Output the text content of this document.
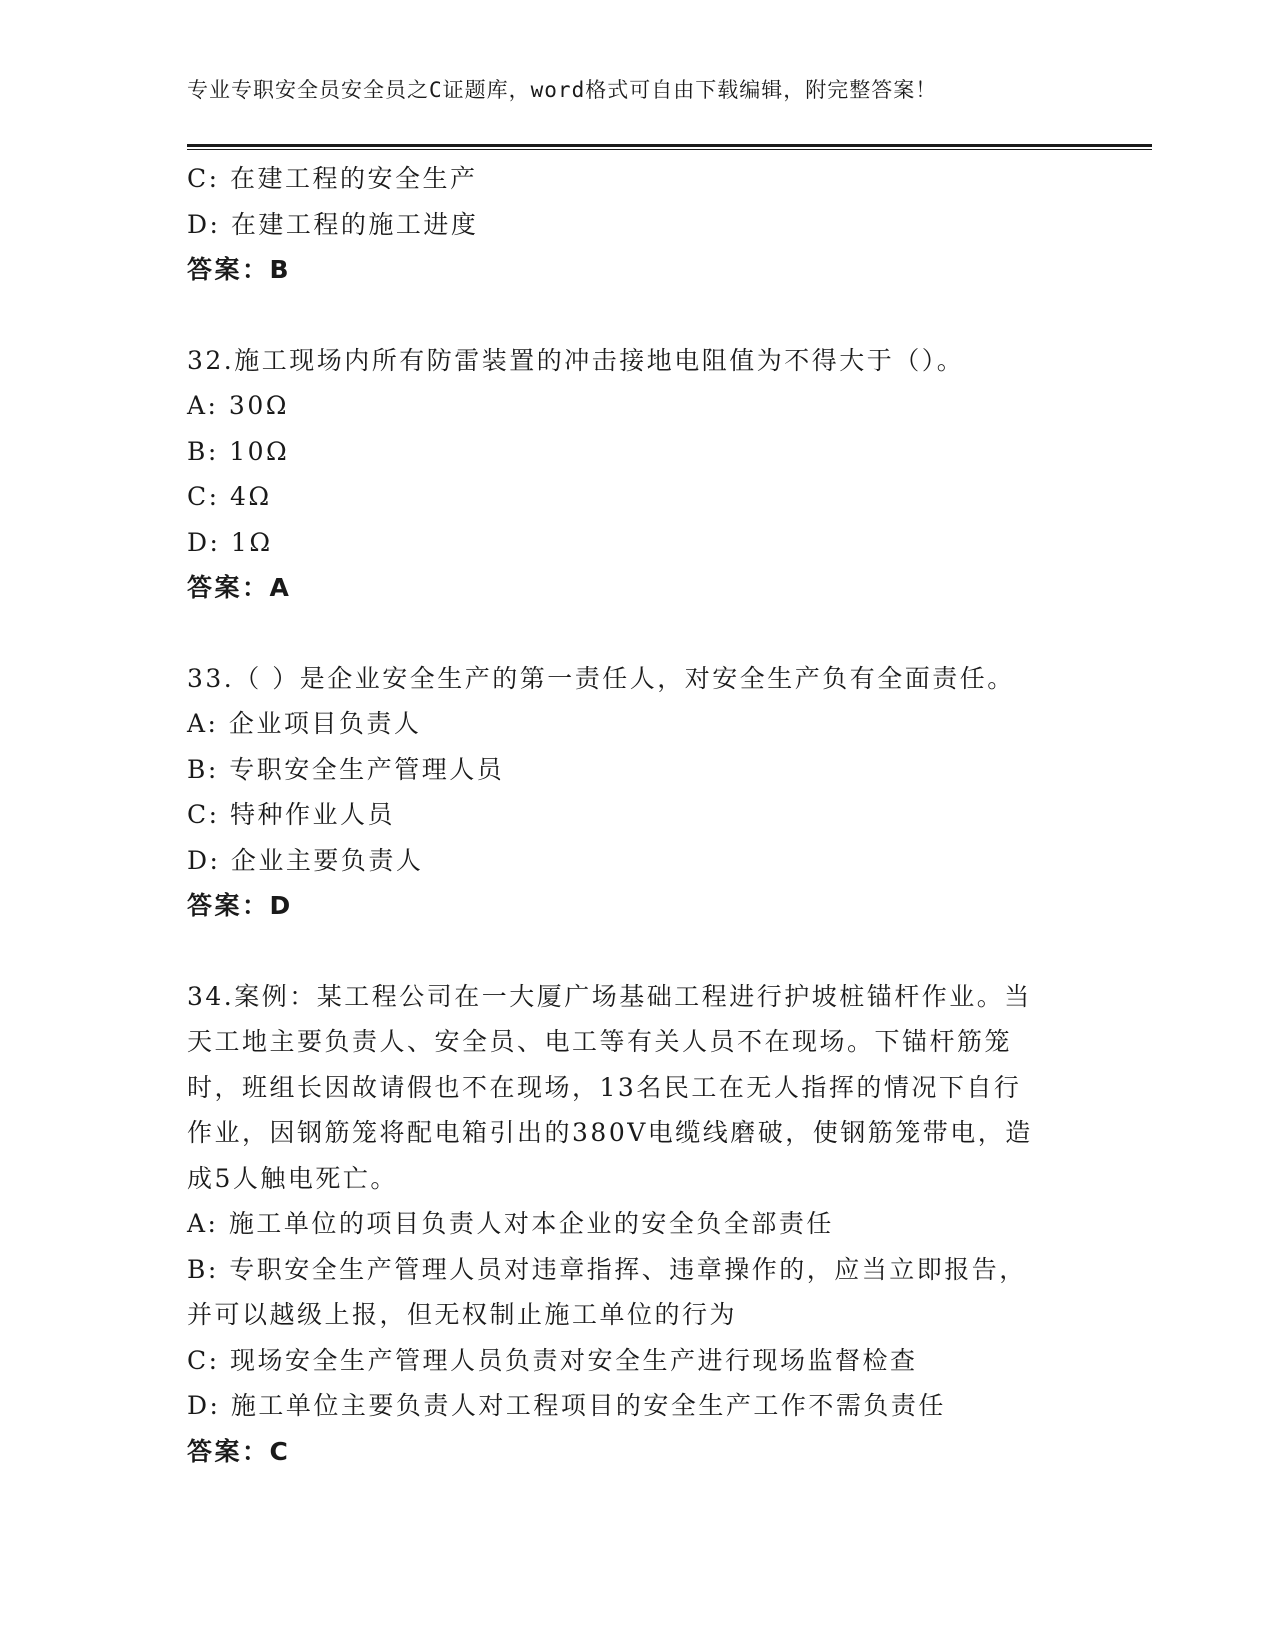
专业专职安全员安全员之C证题库，word格式可自由下载编辑，附完整答案！

C: 在建工程的安全生产

D: 在建工程的施工进度

答案：B

32.施工现场内所有防雷装置的冲击接地电阻值为不得大于（）。

A: 30Ω

B: 10Ω

C: 4Ω

D: 1Ω

答案：A

33.（ ）是企业安全生产的第一责任人，对安全生产负有全面责任。

A: 企业项目负责人

B: 专职安全生产管理人员

C: 特种作业人员

D: 企业主要负责人

答案：D

34.案例：某工程公司在一大厦广场基础工程进行护坡桩锚杆作业。当

天工地主要负责人、安全员、电工等有关人员不在现场。下锚杆筋笼

时，班组长因故请假也不在现场，13名民工在无人指挥的情况下自行

作业，因钢筋笼将配电箱引出的380V电缆线磨破，使钢筋笼带电，造

成5人触电死亡。

A: 施工单位的项目负责人对本企业的安全负全部责任

B: 专职安全生产管理人员对违章指挥、违章操作的，应当立即报告，

并可以越级上报，但无权制止施工单位的行为

C: 现场安全生产管理人员负责对安全生产进行现场监督检查

D: 施工单位主要负责人对工程项目的安全生产工作不需负责任

答案：C
